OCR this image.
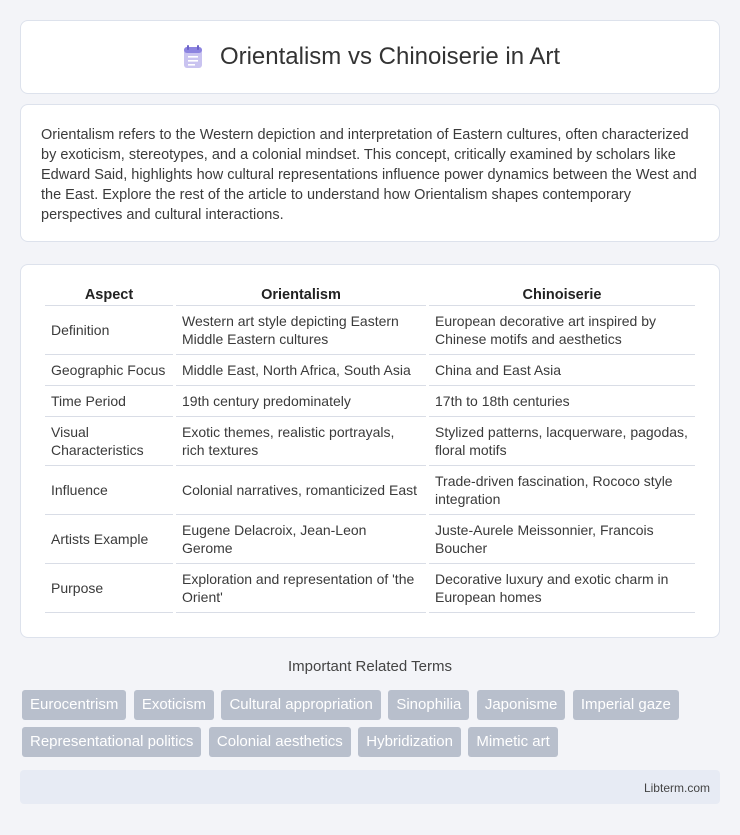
Orientalism vs Chinoiserie in Art

Orientalism refers to the Western depiction and interpretation of Eastern cultures, often characterized by exoticism, stereotypes, and a colonial mindset. This concept, critically examined by scholars like Edward Said, highlights how cultural representations influence power dynamics between the West and the East. Explore the rest of the article to understand how Orientalism shapes contemporary perspectives and cultural interactions.

Aspect	Orientalism	Chinoiserie
Definition	Western art style depicting Eastern Middle Eastern cultures	European decorative art inspired by Chinese motifs and aesthetics
Geographic Focus	Middle East, North Africa, South Asia	China and East Asia
Time Period	19th century predominately	17th to 18th centuries
Visual Characteristics	Exotic themes, realistic portrayals, rich textures	Stylized patterns, lacquerware, pagodas, floral motifs
Influence	Colonial narratives, romanticized East	Trade-driven fascination, Rococo style integration
Artists Example	Eugene Delacroix, Jean-Leon Gerome	Juste-Aurele Meissonnier, Francois Boucher
Purpose	Exploration and representation of 'the Orient'	Decorative luxury and exotic charm in European homes
Important Related Terms
Eurocentrism Exoticism Cultural appropriation Sinophilia Japonisme Imperial gaze Representational politics Colonial aesthetics Hybridization Mimetic art
Libterm.com
